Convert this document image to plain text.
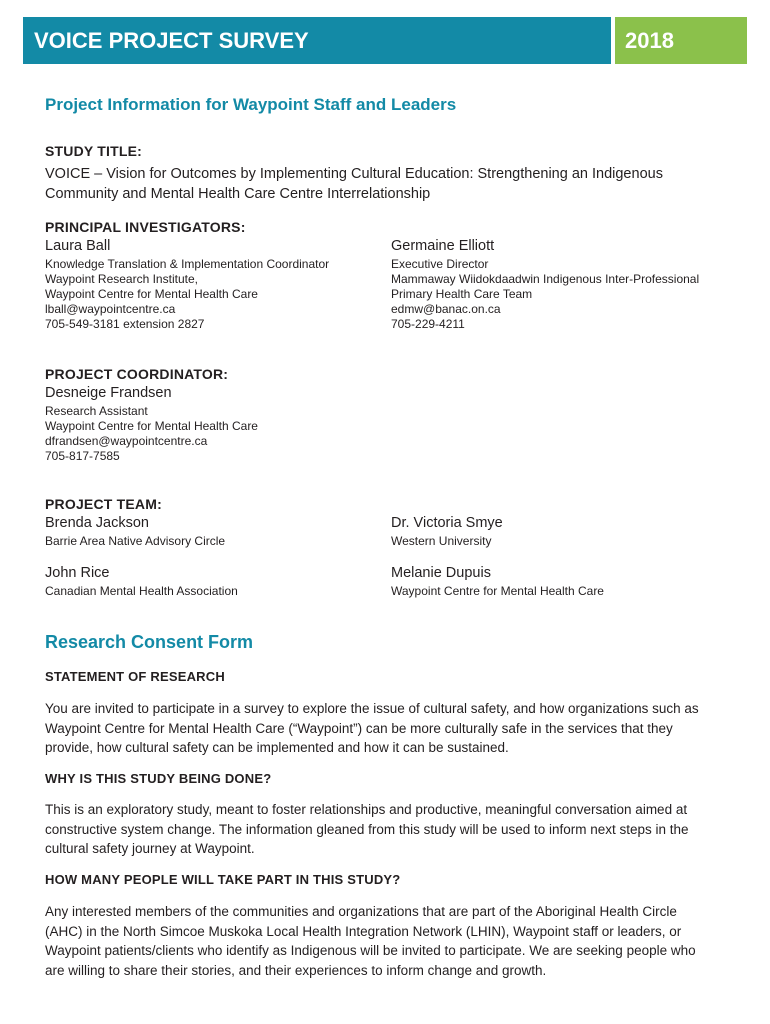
VOICE PROJECT SURVEY	2018
Project Information for Waypoint Staff and Leaders
STUDY TITLE:
VOICE – Vision for Outcomes by Implementing Cultural Education: Strengthening an Indigenous
Community and Mental Health Care Centre Interrelationship
PRINCIPAL INVESTIGATORS:
Laura Ball
Knowledge Translation & Implementation Coordinator
Waypoint Research Institute,
Waypoint Centre for Mental Health Care
lball@waypointcentre.ca
705-549-3181 extension 2827
Germaine Elliott
Executive Director
Mammaway Wiidokdaadwin Indigenous Inter-Professional
Primary Health Care Team
edmw@banac.on.ca
705-229-4211
PROJECT COORDINATOR:
Desneige Frandsen
Research Assistant
Waypoint Centre for Mental Health Care
dfrandsen@waypointcentre.ca
705-817-7585
PROJECT TEAM:
Brenda Jackson
Barrie Area Native Advisory Circle
Dr. Victoria Smye
Western University
John Rice
Canadian Mental Health Association
Melanie Dupuis
Waypoint Centre for Mental Health Care
Research Consent Form
STATEMENT OF RESEARCH
You are invited to participate in a survey to explore the issue of cultural safety, and how organizations such as
Waypoint Centre for Mental Health Care (“Waypoint”) can be more culturally safe in the services that they
provide, how cultural safety can be implemented and how it can be sustained.
WHY IS THIS STUDY BEING DONE?
This is an exploratory study, meant to foster relationships and productive, meaningful conversation aimed at
constructive system change. The information gleaned from this study will be used to inform next steps in the
cultural safety journey at Waypoint.
HOW MANY PEOPLE WILL TAKE PART IN THIS STUDY?
Any interested members of the communities and organizations that are part of the Aboriginal Health Circle
(AHC) in the North Simcoe Muskoka Local Health Integration Network (LHIN), Waypoint staff or leaders, or
Waypoint patients/clients who identify as Indigenous will be invited to participate. We are seeking people who
are willing to share their stories, and their experiences to inform change and growth.
